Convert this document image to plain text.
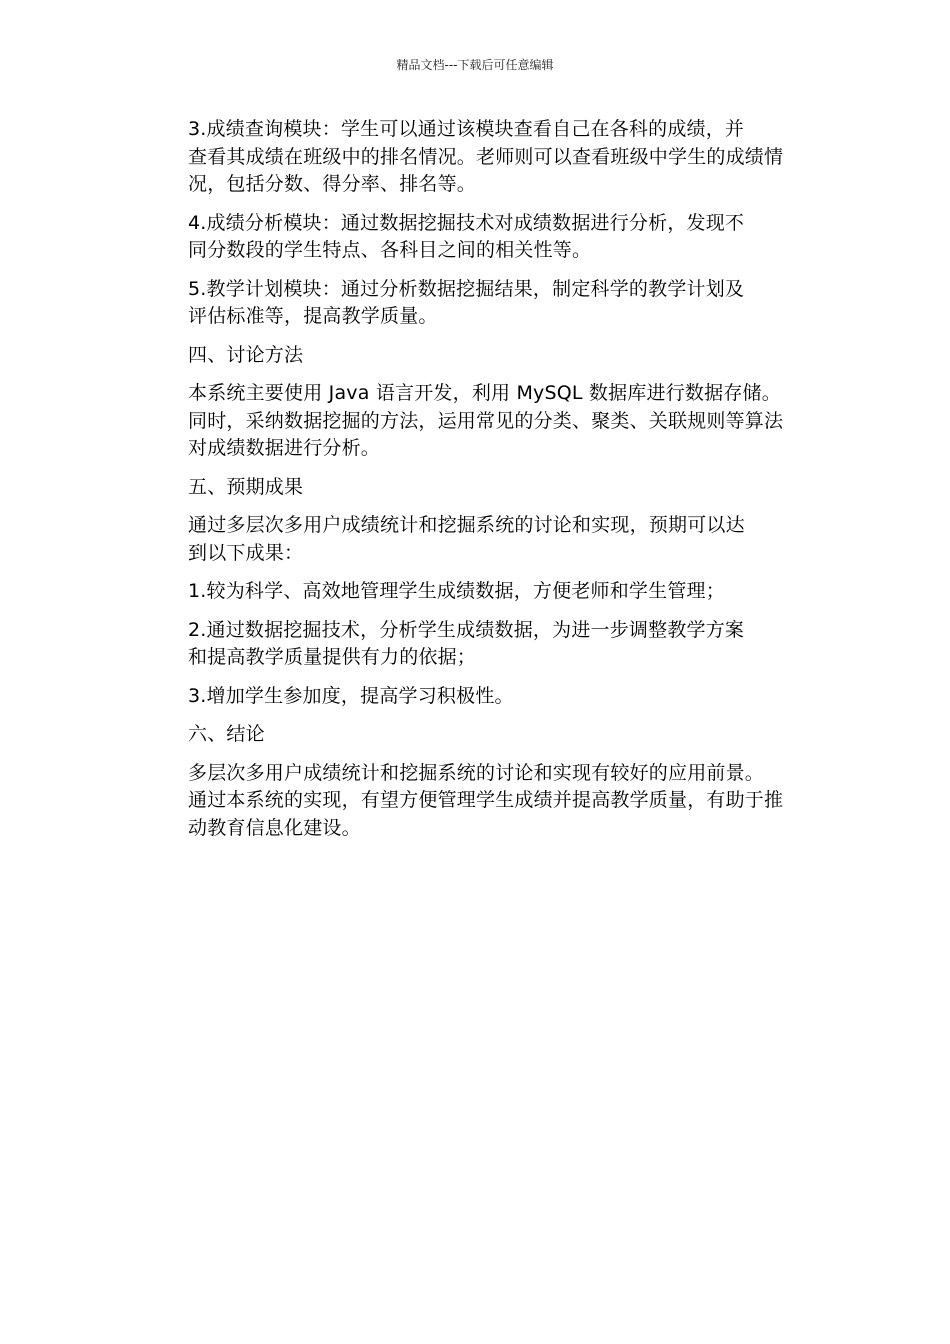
精品文档---下载后可任意编辑

3.成绩查询模块：学生可以通过该模块查看自己在各科的成绩，并
查看其成绩在班级中的排名情况。老师则可以查看班级中学生的成绩情
况，包括分数、得分率、排名等。

4.成绩分析模块：通过数据挖掘技术对成绩数据进行分析，发现不
同分数段的学生特点、各科目之间的相关性等。

5.教学计划模块：通过分析数据挖掘结果，制定科学的教学计划及
评估标准等，提高教学质量。

四、讨论方法

本系统主要使用 Java 语言开发，利用 MySQL 数据库进行数据存储。
同时，采纳数据挖掘的方法，运用常见的分类、聚类、关联规则等算法
对成绩数据进行分析。

五、预期成果

通过多层次多用户成绩统计和挖掘系统的讨论和实现，预期可以达
到以下成果：

1.较为科学、高效地管理学生成绩数据，方便老师和学生管理；

2.通过数据挖掘技术，分析学生成绩数据，为进一步调整教学方案
和提高教学质量提供有力的依据；

3.增加学生参加度，提高学习积极性。

六、结论

多层次多用户成绩统计和挖掘系统的讨论和实现有较好的应用前景。
通过本系统的实现，有望方便管理学生成绩并提高教学质量，有助于推
动教育信息化建设。
